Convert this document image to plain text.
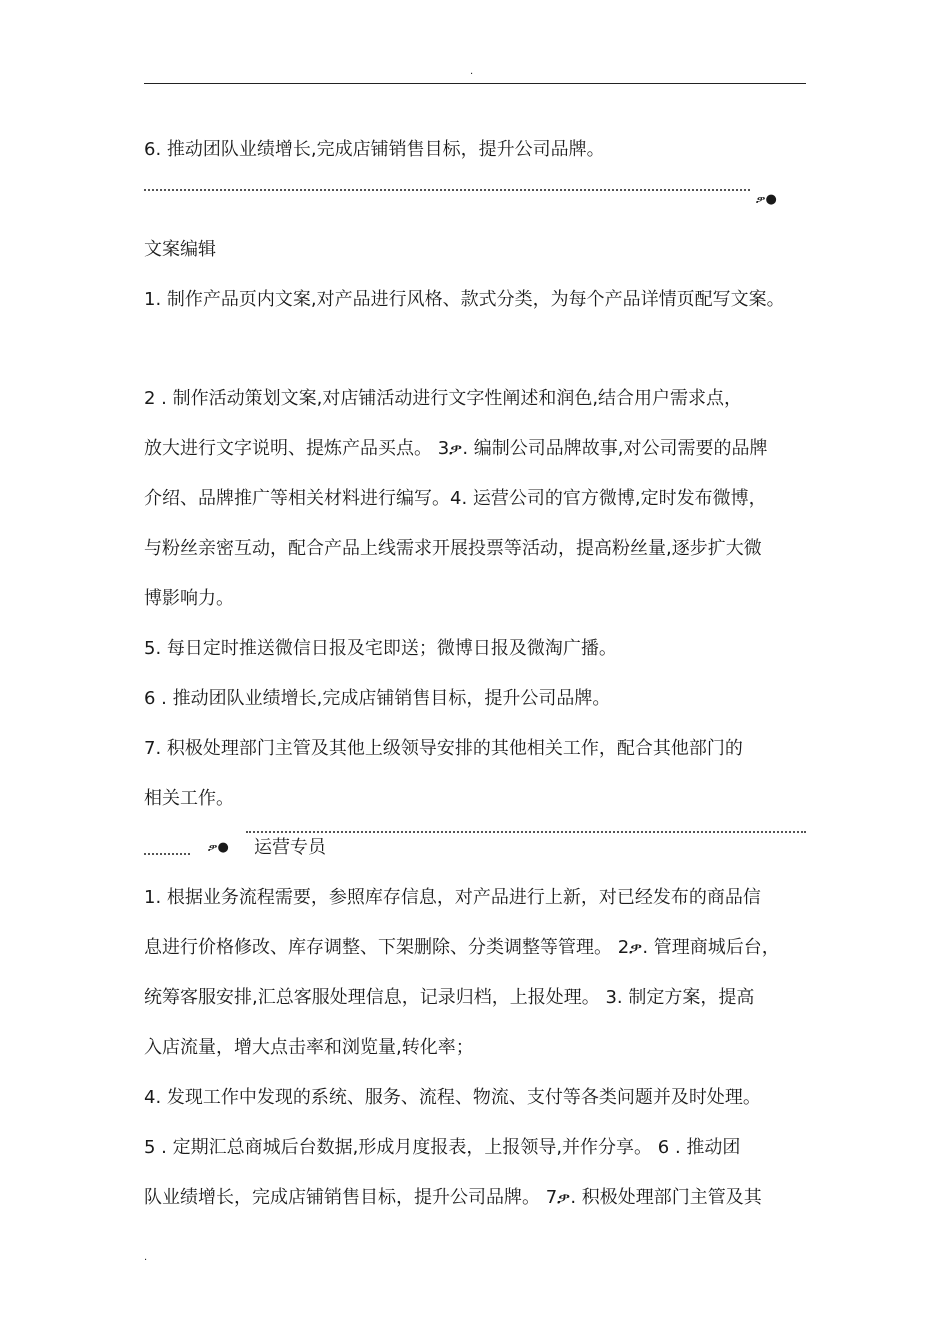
.
6. 推动团队业绩增长,完成店铺销售目标，提升公司品牌。
ቃ●
文案编辑
1. 制作产品页内文案,对产品进行风格、款式分类，为每个产品详情页配写文案。
2 . 制作活动策划文案,对店铺活动进行文字性阐述和润色,结合用户需求点，
放大进行文字说明、提炼产品买点。 3ቃ. 编制公司品牌故事,对公司需要的品牌
介绍、品牌推广等相关材料进行编写。4. 运营公司的官方微博,定时发布微博，
与粉丝亲密互动，配合产品上线需求开展投票等活动，提高粉丝量,逐步扩大微
博影响力。
5. 每日定时推送微信日报及宅即送；微博日报及微淘广播。
6 . 推动团队业绩增长,完成店铺销售目标，提升公司品牌。
7. 积极处理部门主管及其他上级领导安排的其他相关工作，配合其他部门的
相关工作。
ቃ● 运营专员
1. 根据业务流程需要，参照库存信息，对产品进行上新，对已经发布的商品信
息进行价格修改、库存调整、下架删除、分类调整等管理。 2ቃ. 管理商城后台，
统筹客服安排,汇总客服处理信息，记录归档，上报处理。 3. 制定方案，提高
入店流量，增大点击率和浏览量,转化率；
4. 发现工作中发现的系统、服务、流程、物流、支付等各类问题并及时处理。
5 . 定期汇总商城后台数据,形成月度报表，上报领导,并作分享。 6 . 推动团
队业绩增长，完成店铺销售目标，提升公司品牌。 7ቃ. 积极处理部门主管及其
.
